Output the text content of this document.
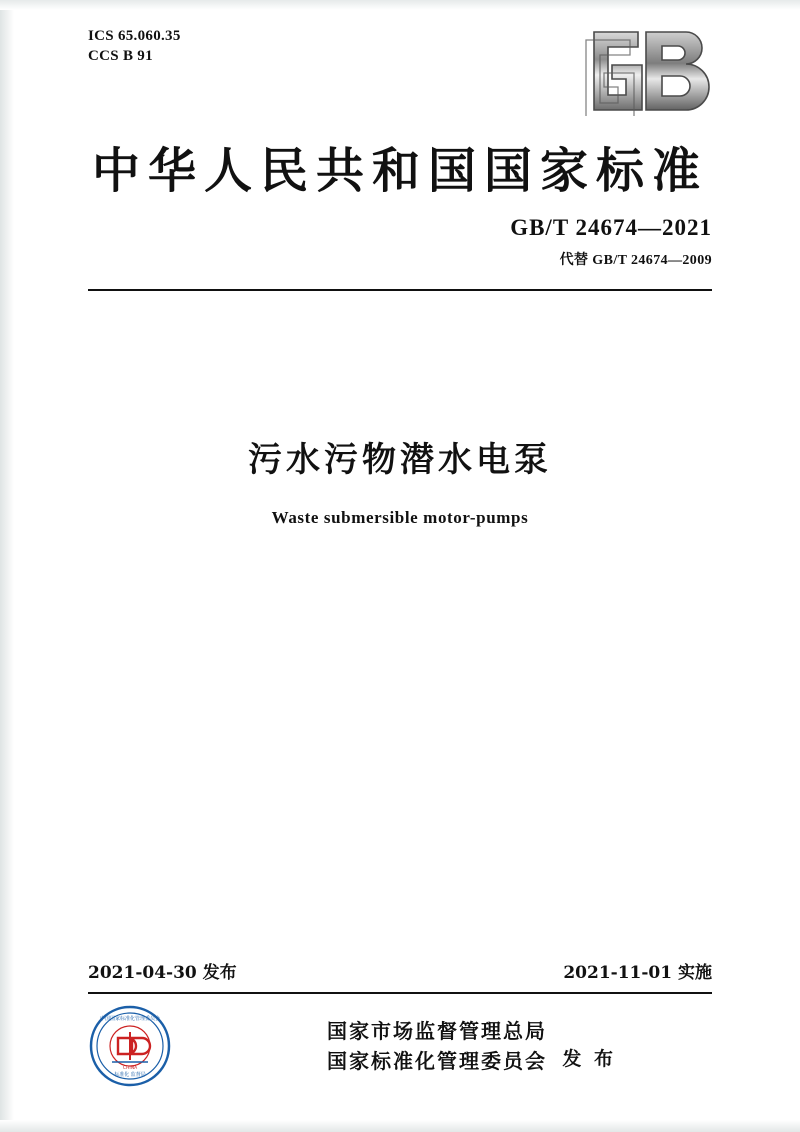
ICS 65.060.35
CCS B 91
中华人民共和国国家标准
GB/T 24674—2021
代替 GB/T 24674—2009
污水污物潜水电泵
Waste submersible motor-pumps
2021-04-30 发布	2021-11-01 实施
中国国家标准化管理委员会
标准化 监督局
CHINA
国家市场监督管理总局
国家标准化管理委员会 发 布
